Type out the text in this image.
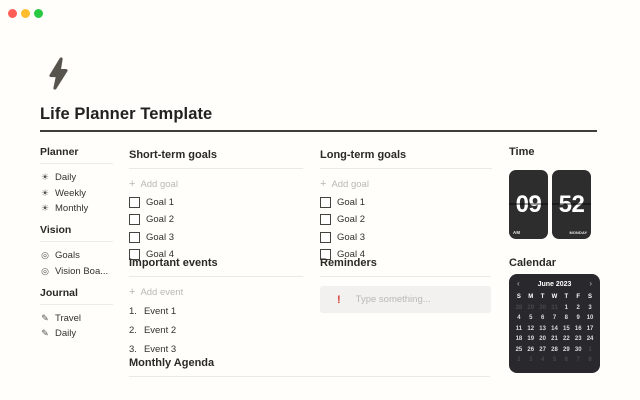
Life Planner Template
Planner
☀ Daily
☀ Weekly
☀ Monthly
Vision
◎ Goals
◎ Vision Boa...
Journal
✎ Travel
✎ Daily
Short-term goals
+ Add goal
Goal 1
Goal 2
Goal 3
Goal 4
Long-term goals
+ Add goal
Goal 1
Goal 2
Goal 3
Goal 4
Important events
+ Add event
1. Event 1
2. Event 2
3. Event 3
Reminders
! Type something...
Monthly Agenda
Time
09
AM
52
MONDAY
Calendar
‹	June 2023 ›
S	M	T	W	T	F	S
28 29 30 31	1	2	3
4	5	6	7	8	9	10
11 12 13 14 15 16 17
18 19 20 21 22 23 24
25 26 27 28 29 30	1
2	3	4	5	6	7	8
